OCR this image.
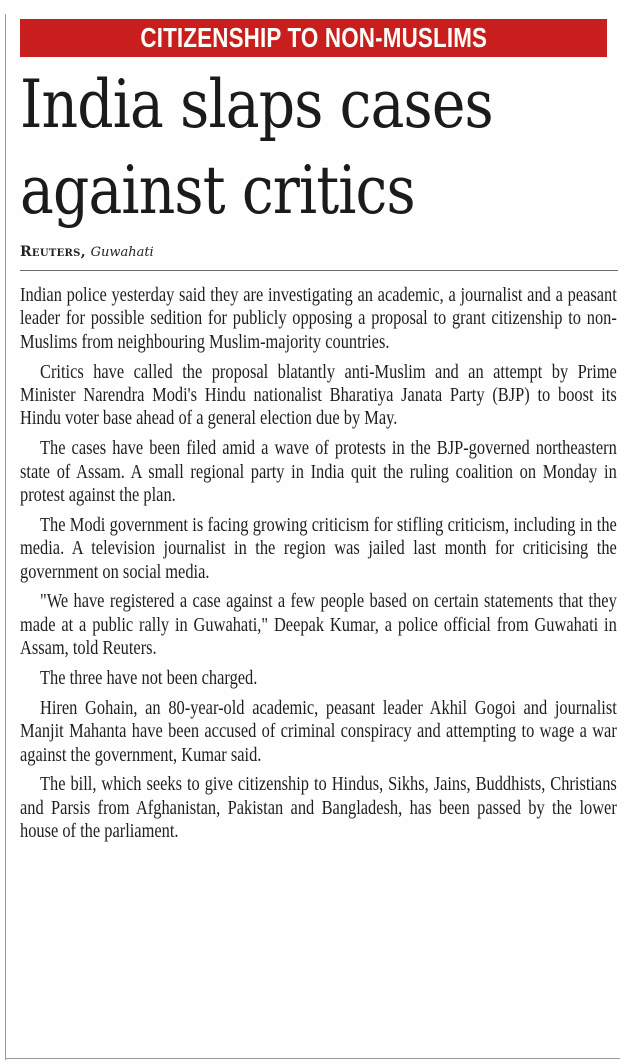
CITIZENSHIP TO NON-MUSLIMS
India slaps cases
against critics
Reuters, Guwahati

Indian police yesterday said they are investigating an academic, a journalist and a peasant leader for possible sedition for publicly opposing a proposal to grant citizenship to non-Muslims from neighbouring Muslim-majority countries.

Critics have called the proposal blatantly anti-Muslim and an attempt by Prime Minister Narendra Modi's Hindu nationalist Bharatiya Janata Party (BJP) to boost its Hindu voter base ahead of a general election due by May.

The cases have been filed amid a wave of protests in the BJP-governed northeastern state of Assam. A small regional party in India quit the ruling coalition on Monday in protest against the plan.

The Modi government is facing growing criticism for stifling criticism, including in the media. A television journalist in the region was jailed last month for criticising the government on social media.

"We have registered a case against a few people based on certain statements that they made at a public rally in Guwahati," Deepak Kumar, a police official from Guwahati in Assam, told Reuters.

The three have not been charged.

Hiren Gohain, an 80-year-old academic, peasant leader Akhil Gogoi and journalist Manjit Mahanta have been accused of criminal conspiracy and attempting to wage a war against the government, Kumar said.

The bill, which seeks to give citizenship to Hindus, Sikhs, Jains, Buddhists, Christians and Parsis from Afghanistan, Pakistan and Bangladesh, has been passed by the lower house of the parliament.
